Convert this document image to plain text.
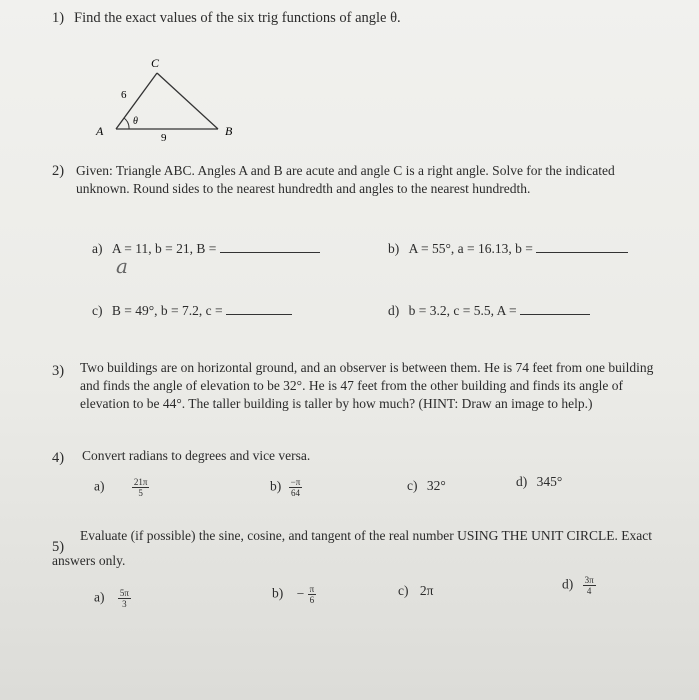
1) Find the exact values of the six trig functions of angle θ.
C
A	B
6
9
θ
2) Given: Triangle ABC. Angles A and B are acute and angle C is a right angle. Solve for the indicated
unknown. Round sides to the nearest hundredth and angles to the nearest hundredth.
a) A = 11, b = 21, B =
a
b) A = 55°, a = 16.13, b =
c) B = 49°, b = 7.2, c =	d) b = 3.2, c = 5.5, A =
3) Two buildings are on horizontal ground, and an observer is between them. He is 74 feet from one building
and finds the angle of elevation to be 32°. He is 47 feet from the other building and finds its angle of
elevation to be 44°. The taller building is taller by how much? (HINT: Draw an image to help.)
4) Convert radians to degrees and vice versa.
a)	$\frac{21\pi}{5}$	$b) \frac{-\pi}{64}$	c) 32°	d) 345°
5)
Evaluate (if possible) the sine, cosine, and tangent of the real number USING THE UNIT CIRCLE. Exact
answers only.
$a) \frac{5\pi}{3}$	$b) - \frac{\pi}{6}$	c) 2π	$d) \frac{3\pi}{4}$
